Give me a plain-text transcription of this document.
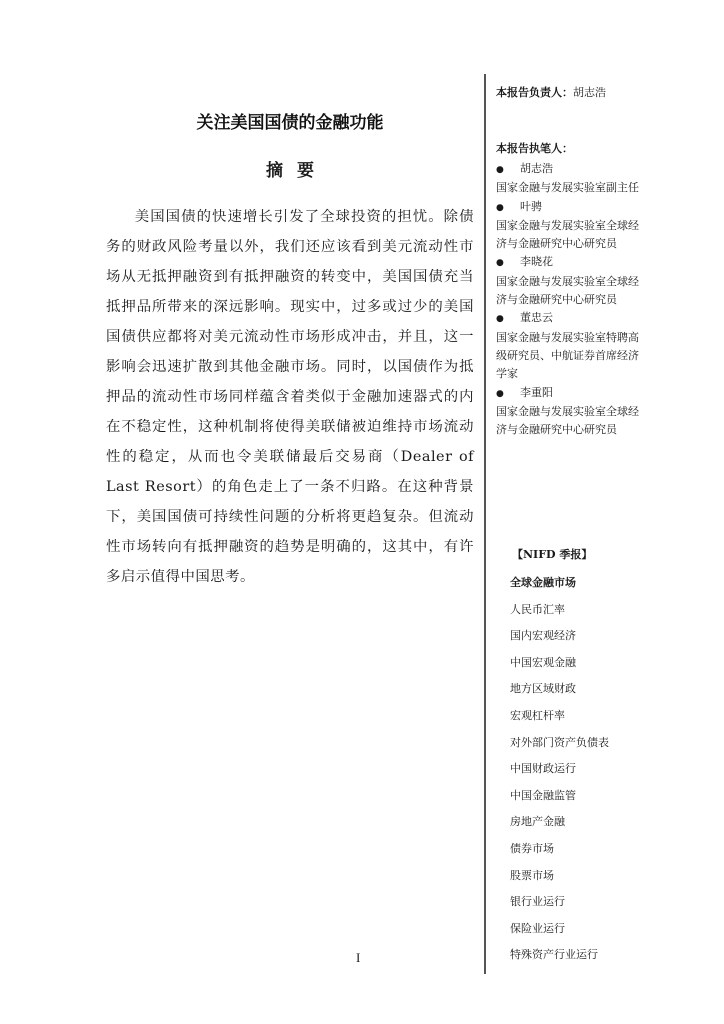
关注美国国债的金融功能
摘要

美国国债的快速增长引发了全球投资的担忧。除债务的财政风险考量以外，我们还应该看到美元流动性市场从无抵押融资到有抵押融资的转变中，美国国债充当抵押品所带来的深远影响。现实中，过多或过少的美国国债供应都将对美元流动性市场形成冲击，并且，这一影响会迅速扩散到其他金融市场。同时，以国债作为抵押品的流动性市场同样蕴含着类似于金融加速器式的内在不稳定性，这种机制将使得美联储被迫维持市场流动性的稳定，从而也令美联储最后交易商（Dealer of Last Resort）的角色走上了一条不归路。在这种背景下，美国国债可持续性问题的分析将更趋复杂。但流动性市场转向有抵押融资的趋势是明确的，这其中，有许多启示值得中国思考。

I
本报告负责人：胡志浩
本报告执笔人：
● 胡志浩
国家金融与发展实验室副主任
● 叶骋
国家金融与发展实验室全球经济与金融研究中心研究员
● 李晓花
国家金融与发展实验室全球经济与金融研究中心研究员
● 董忠云
国家金融与发展实验室特聘高级研究员、中航证券首席经济学家
● 李重阳
国家金融与发展实验室全球经济与金融研究中心研究员
【NIFD 季报】
全球金融市场
人民币汇率
国内宏观经济
中国宏观金融
地方区域财政
宏观杠杆率
对外部门资产负债表
中国财政运行
中国金融监管
房地产金融
债券市场
股票市场
银行业运行
保险业运行
特殊资产行业运行
